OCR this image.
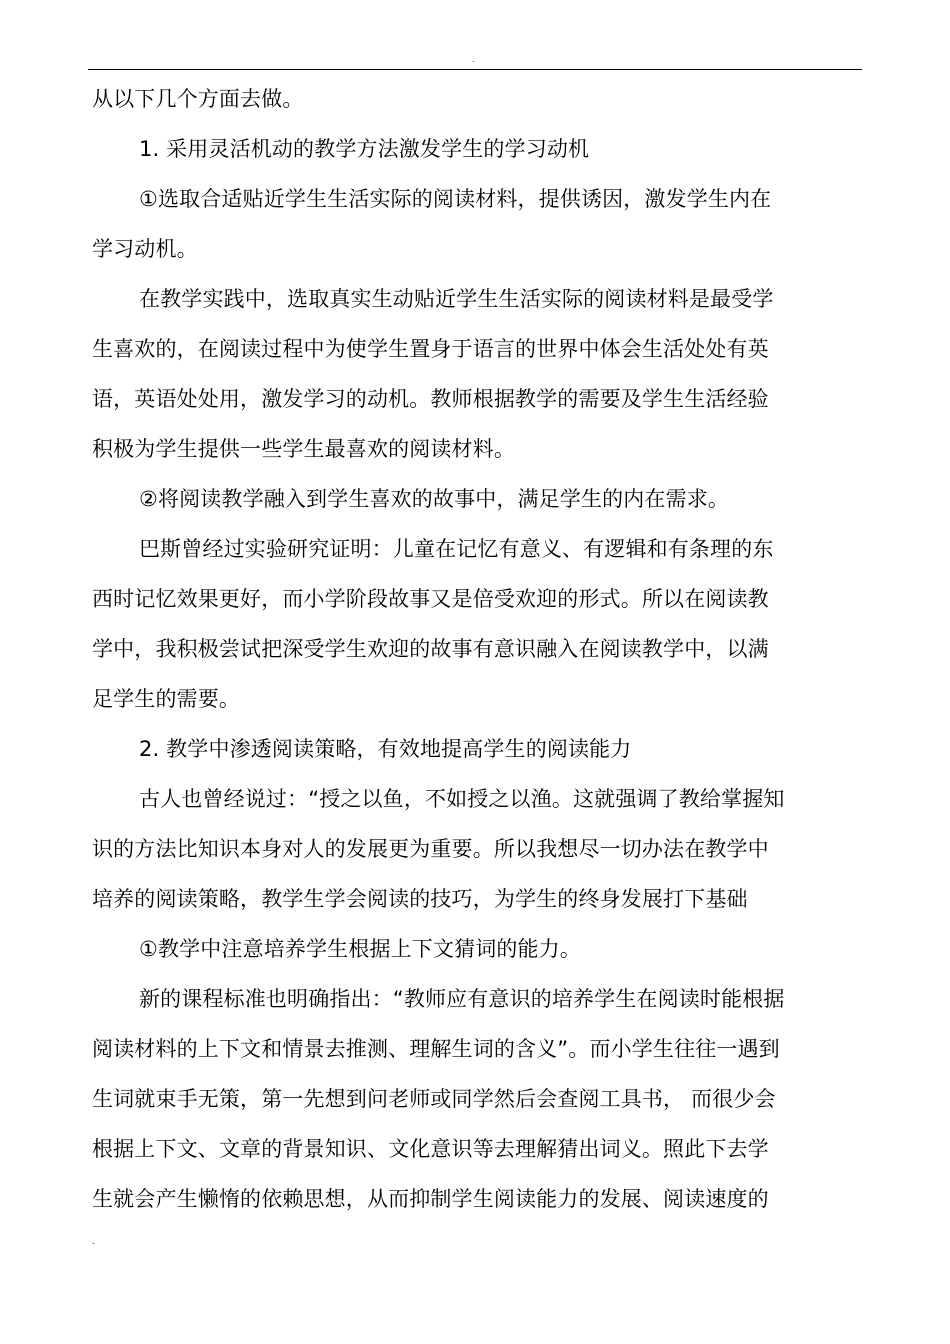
.
从以下几个方面去做。
1. 采用灵活机动的教学方法激发学生的学习动机
①选取合适贴近学生生活实际的阅读材料，提供诱因，激发学生内在
学习动机。
在教学实践中，选取真实生动贴近学生生活实际的阅读材料是最受学
生喜欢的，在阅读过程中为使学生置身于语言的世界中体会生活处处有英
语，英语处处用，激发学习的动机。教师根据教学的需要及学生生活经验
积极为学生提供一些学生最喜欢的阅读材料。
②将阅读教学融入到学生喜欢的故事中，满足学生的内在需求。
巴斯曾经过实验研究证明：儿童在记忆有意义、有逻辑和有条理的东
西时记忆效果更好，而小学阶段故事又是倍受欢迎的形式。所以在阅读教
学中，我积极尝试把深受学生欢迎的故事有意识融入在阅读教学中，以满
足学生的需要。
2. 教学中渗透阅读策略，有效地提高学生的阅读能力
古人也曾经说过：“授之以鱼，不如授之以渔。这就强调了教给掌握知
识的方法比知识本身对人的发展更为重要。所以我想尽一切办法在教学中
培养的阅读策略，教学生学会阅读的技巧，为学生的终身发展打下基础
①教学中注意培养学生根据上下文猜词的能力。
新的课程标准也明确指出：“教师应有意识的培养学生在阅读时能根据
阅读材料的上下文和情景去推测、理解生词的含义”。而小学生往往一遇到
生词就束手无策，第一先想到问老师或同学然后会查阅工具书， 而很少会
根据上下文、文章的背景知识、文化意识等去理解猜出词义。照此下去学
生就会产生懒惰的依赖思想，从而抑制学生阅读能力的发展、阅读速度的
.
